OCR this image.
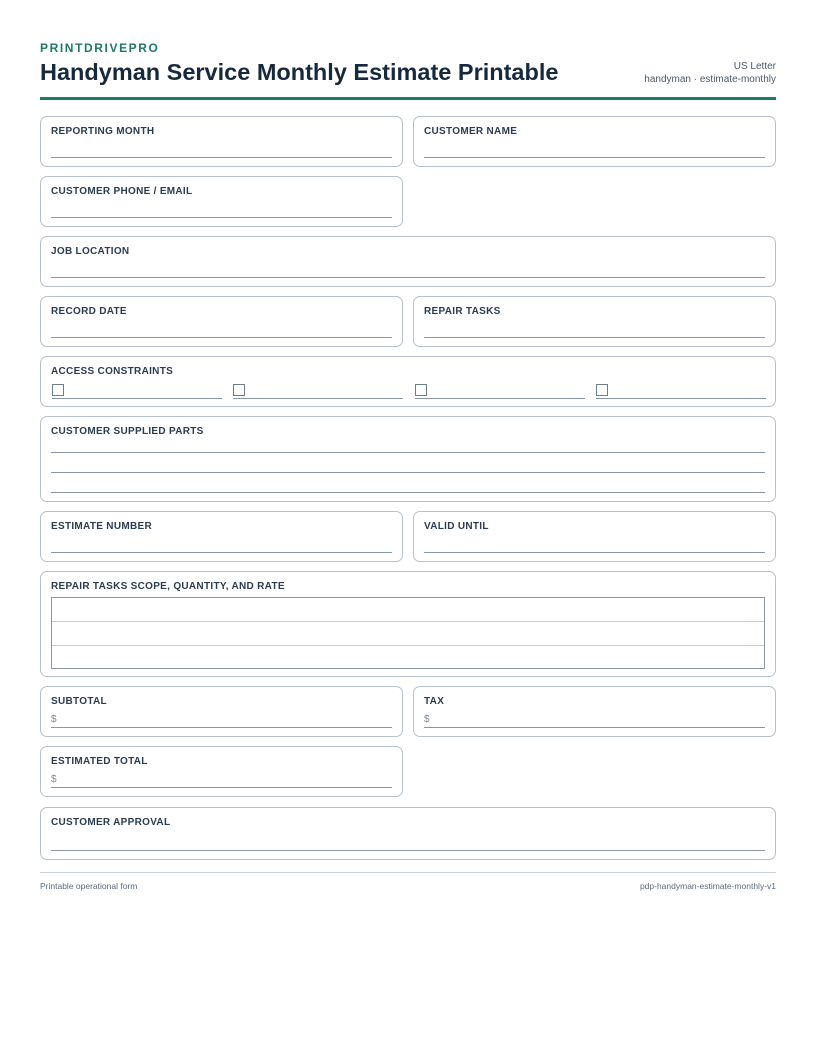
PRINTDRIVEPRO
Handyman Service Monthly Estimate Printable	US Letter
handyman · estimate-monthly
REPORTING MONTH	CUSTOMER NAME
CUSTOMER PHONE / EMAIL
JOB LOCATION
RECORD DATE	REPAIR TASKS
ACCESS CONSTRAINTS
CUSTOMER SUPPLIED PARTS
ESTIMATE NUMBER	VALID UNTIL
REPAIR TASKS SCOPE, QUANTITY, AND RATE
SUBTOTAL
$
TAX
$
ESTIMATED TOTAL
$
CUSTOMER APPROVAL
Printable operational form	pdp-handyman-estimate-monthly-v1
